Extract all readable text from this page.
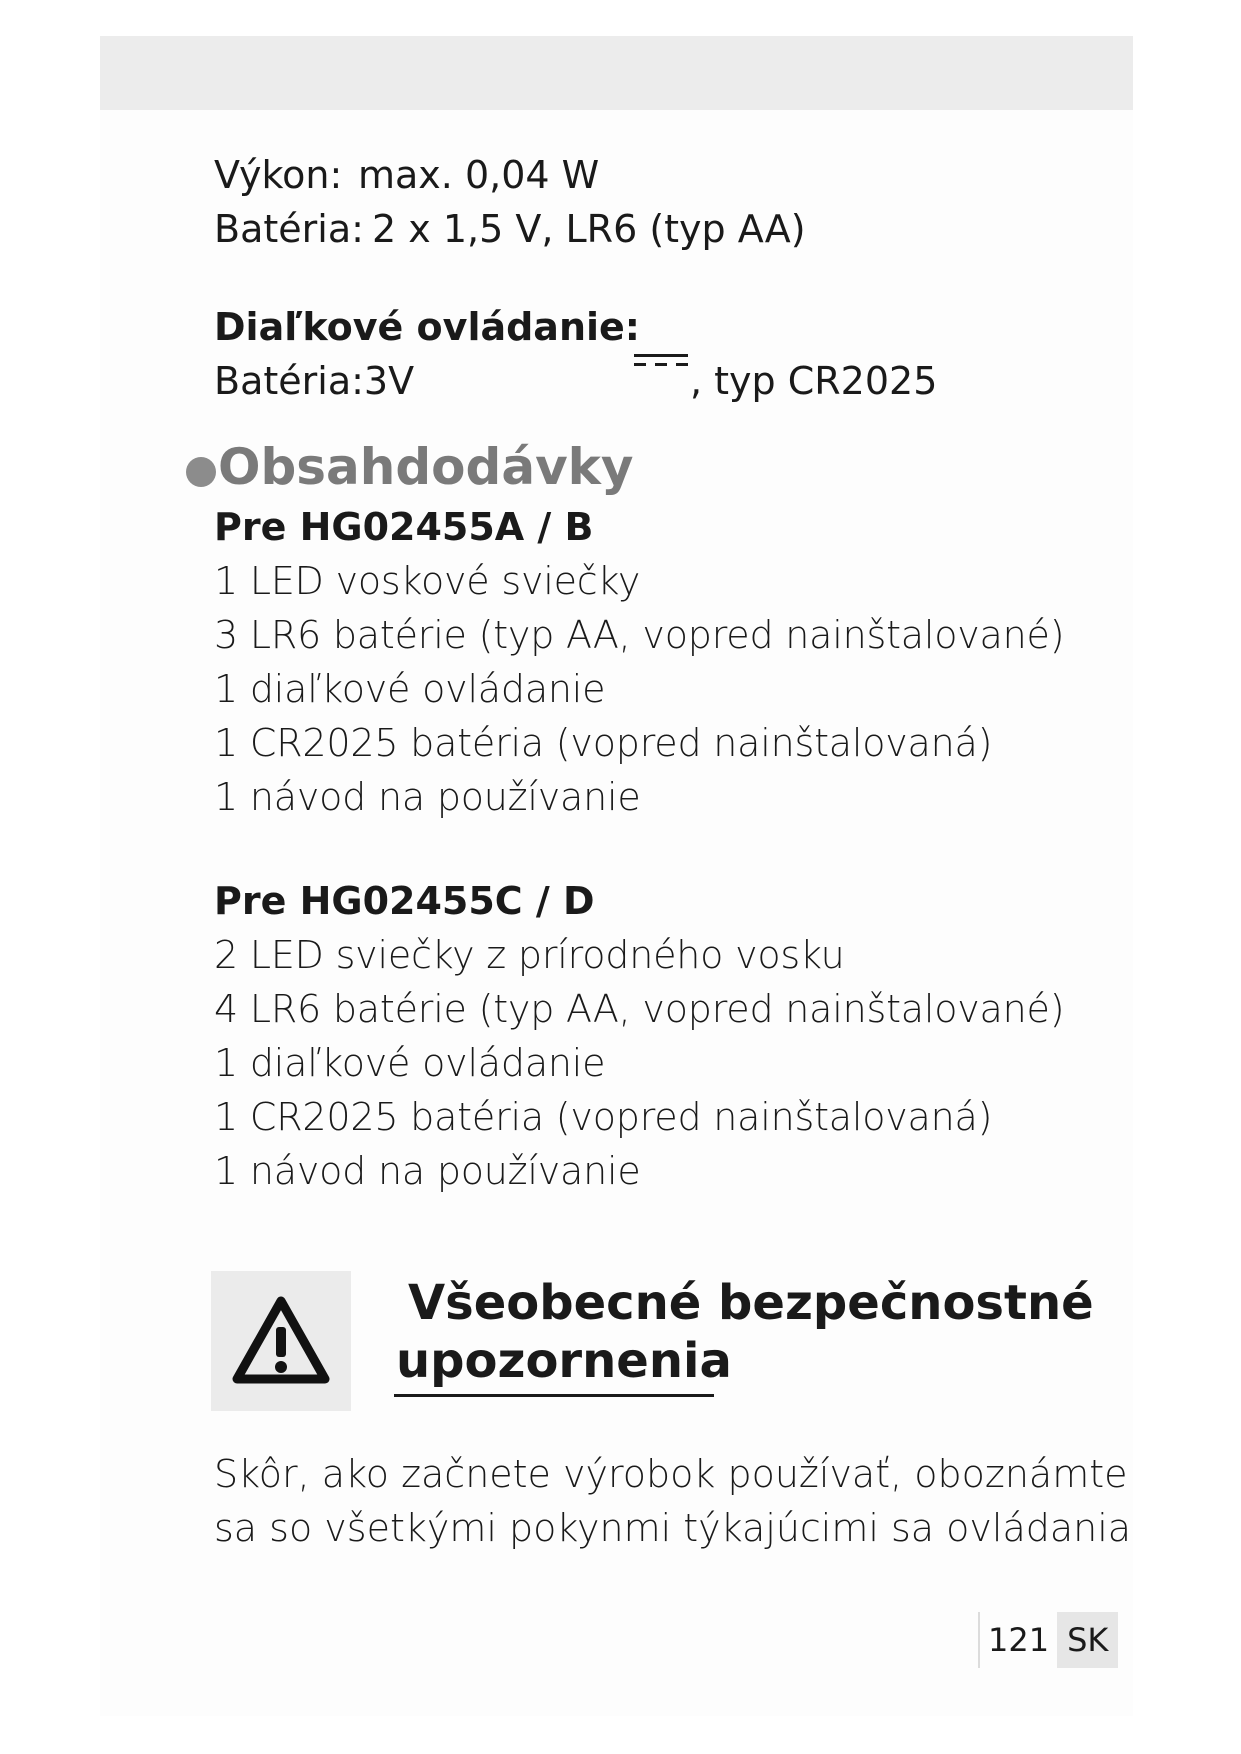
Výkon: max. 0,04 W
Batéria: 2 x 1,5 V, LR6 (typ AA)
Diaľkové ovládanie:
Batéria:3V	, typ CR2025
Obsahdodávky
Pre HG02455A / B
1 LED voskové sviečky
3 LR6 batérie (typ AA, vopred nainštalované)
1 diaľkové ovládanie
1 CR2025 batéria (vopred nainštalovaná)
1 návod na používanie
Pre HG02455C / D
2 LED sviečky z prírodného vosku
4 LR6 batérie (typ AA, vopred nainštalované)
1 diaľkové ovládanie
1 CR2025 batéria (vopred nainštalovaná)
1 návod na používanie
Všeobecné bezpečnostné
upozornenia
Skôr, ako začnete výrobok používať, oboznámte
sa so všetkými pokynmi týkajúcimi sa ovládania
121 SK
